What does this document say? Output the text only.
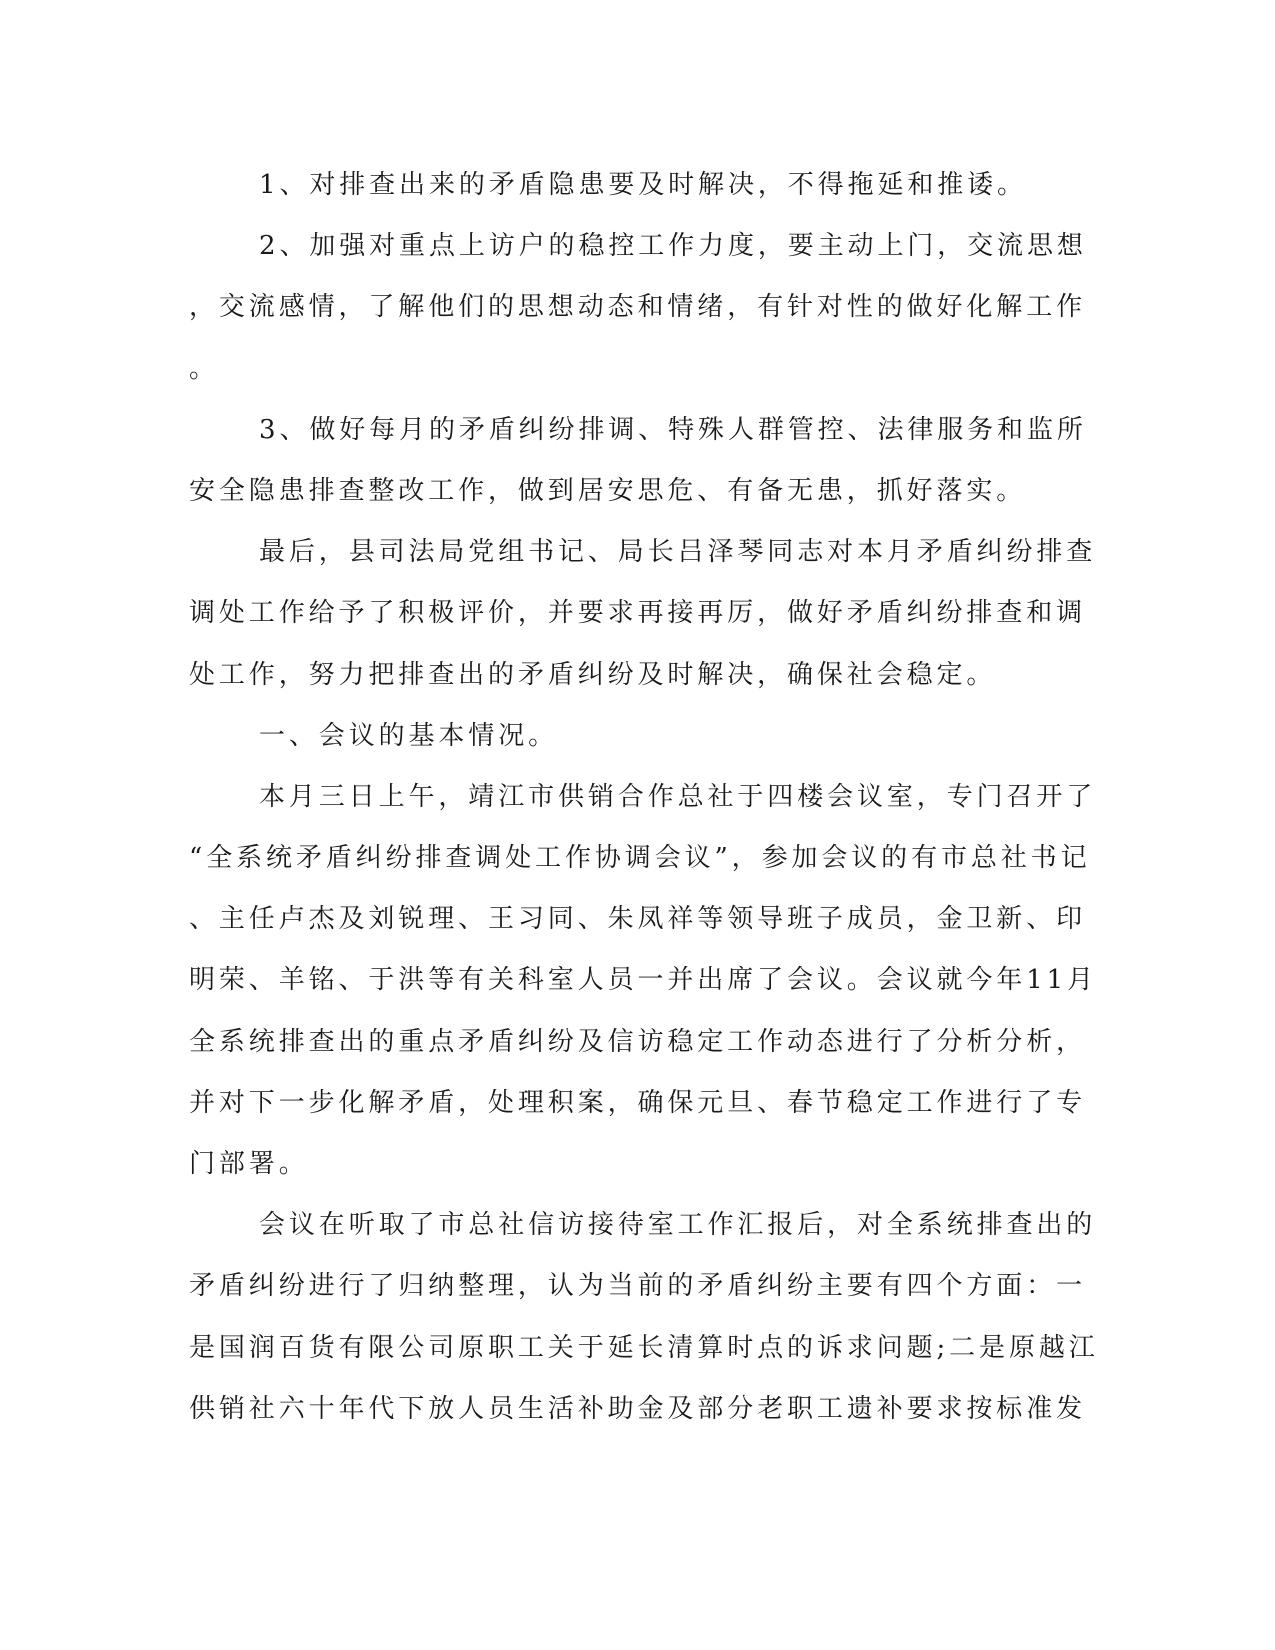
1、对排查出来的矛盾隐患要及时解决，不得拖延和推诿。
2、加强对重点上访户的稳控工作力度，要主动上门，交流思想
，交流感情，了解他们的思想动态和情绪，有针对性的做好化解工作
。
3、做好每月的矛盾纠纷排调、特殊人群管控、法律服务和监所
安全隐患排查整改工作，做到居安思危、有备无患，抓好落实。
最后，县司法局党组书记、局长吕泽琴同志对本月矛盾纠纷排查
调处工作给予了积极评价，并要求再接再厉，做好矛盾纠纷排查和调
处工作，努力把排查出的矛盾纠纷及时解决，确保社会稳定。
一、会议的基本情况。
本月三日上午，靖江市供销合作总社于四楼会议室，专门召开了
“全系统矛盾纠纷排查调处工作协调会议”，参加会议的有市总社书记
、主任卢杰及刘锐理、王习同、朱凤祥等领导班子成员，金卫新、印
明荣、羊铭、于洪等有关科室人员一并出席了会议。会议就今年11月
全系统排查出的重点矛盾纠纷及信访稳定工作动态进行了分析分析，
并对下一步化解矛盾，处理积案，确保元旦、春节稳定工作进行了专
门部署。
会议在听取了市总社信访接待室工作汇报后，对全系统排查出的
矛盾纠纷进行了归纳整理，认为当前的矛盾纠纷主要有四个方面：一
是国润百货有限公司原职工关于延长清算时点的诉求问题;二是原越江
供销社六十年代下放人员生活补助金及部分老职工遗补要求按标准发
